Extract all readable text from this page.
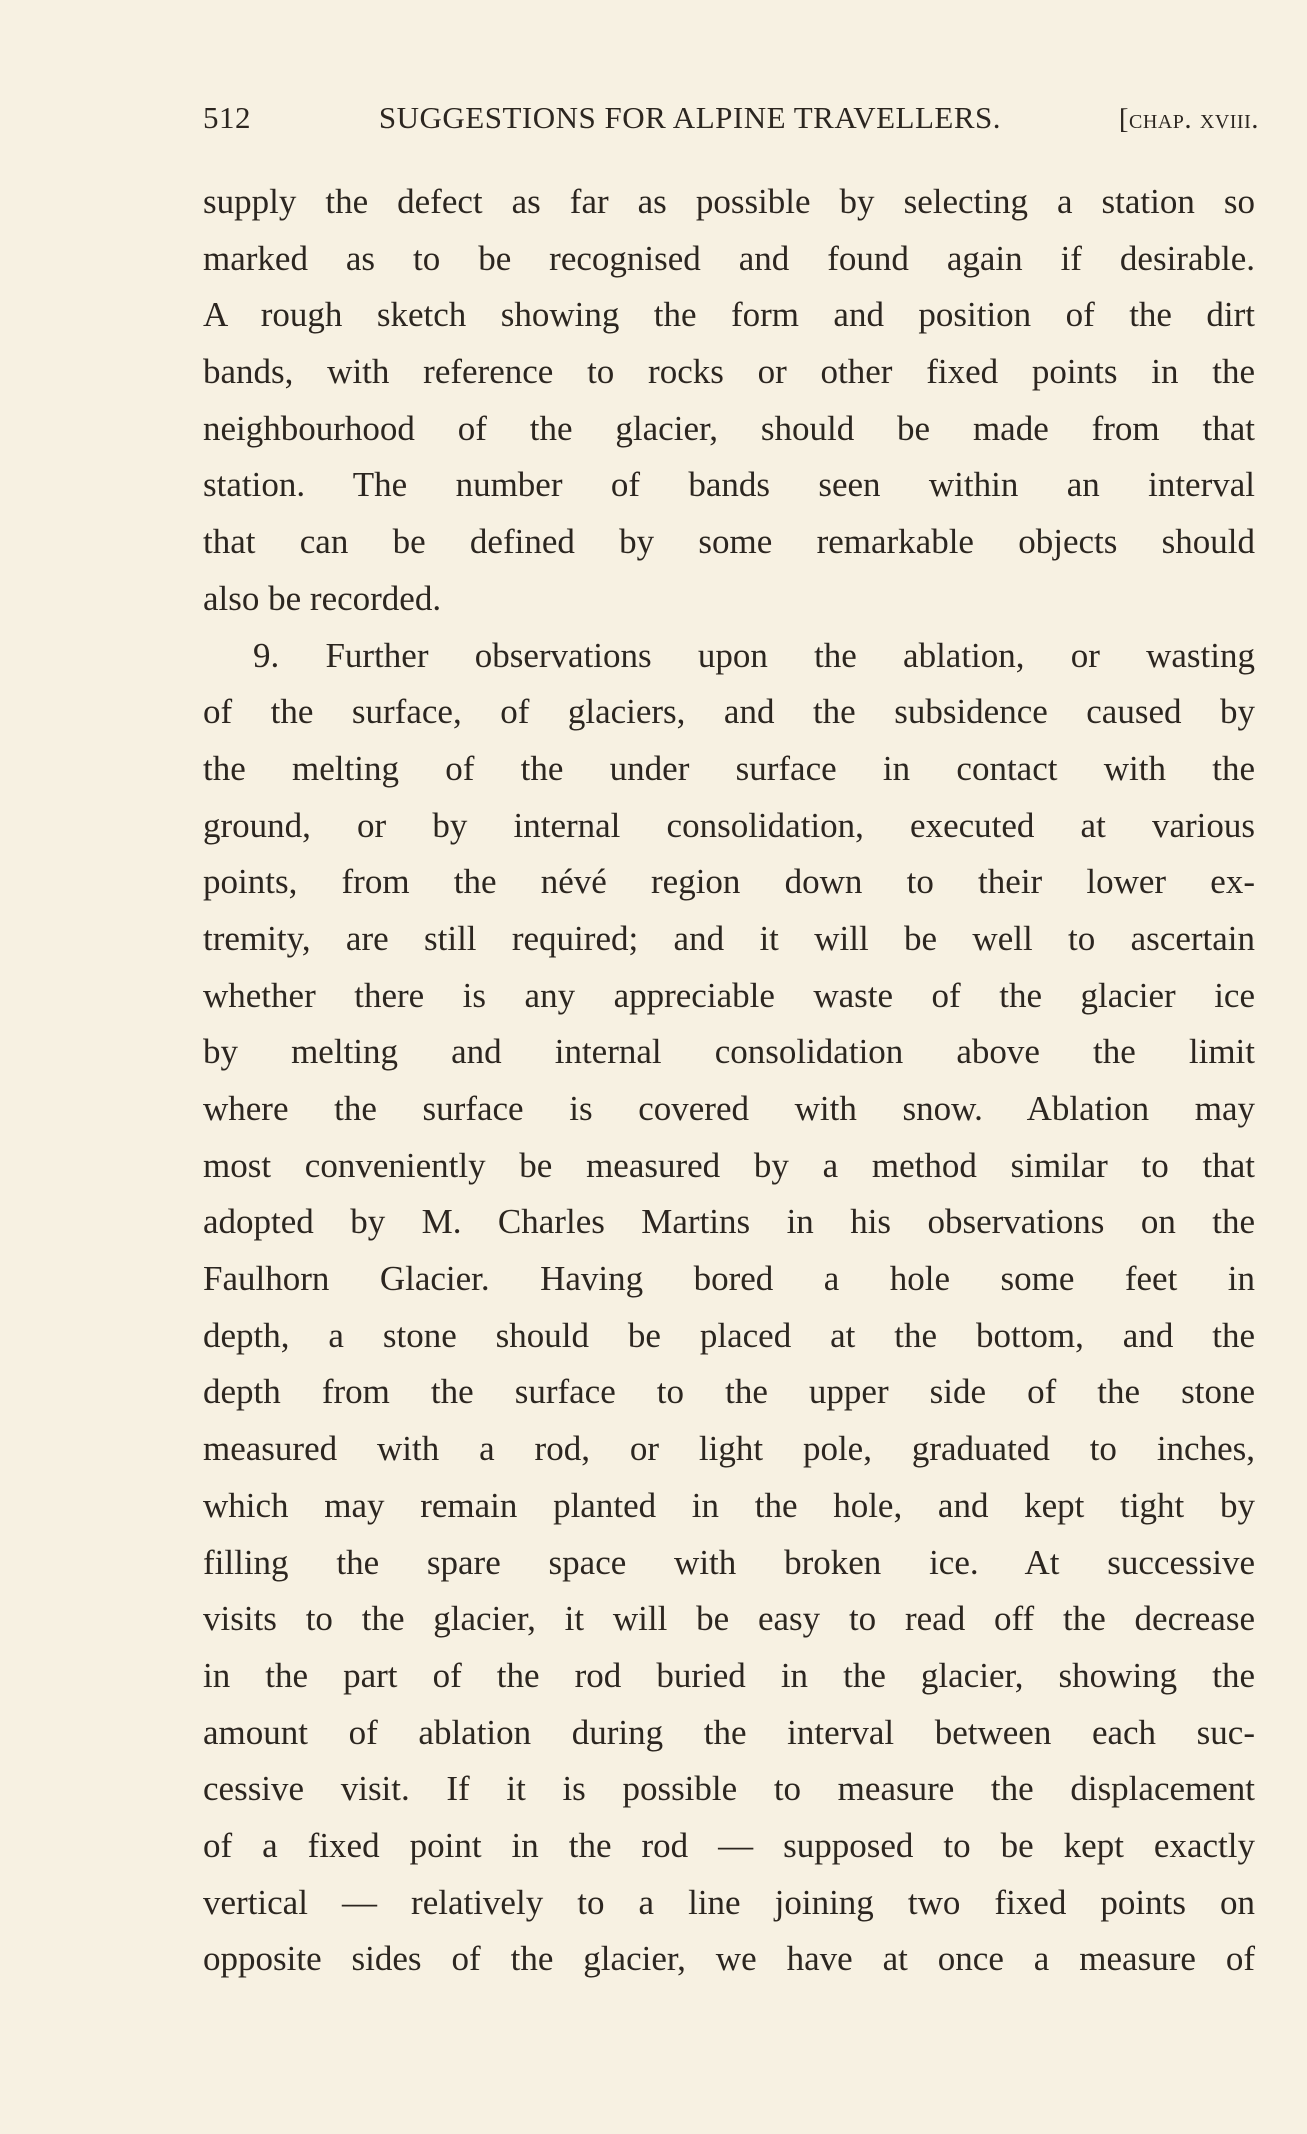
512	SUGGESTIONS FOR ALPINE TRAVELLERS.	[chap. xviii.
supply the defect as far as possible by selecting a station so
marked as to be recognised and found again if desirable.
A rough sketch showing the form and position of the dirt
bands, with reference to rocks or other fixed points in the
neighbourhood of the glacier, should be made from that
station. The number of bands seen within an interval
that can be defined by some remarkable objects should
also be recorded.
9. Further observations upon the ablation, or wasting
of the surface, of glaciers, and the subsidence caused by
the melting of the under surface in contact with the
ground, or by internal consolidation, executed at various
points, from the névé region down to their lower ex-
tremity, are still required; and it will be well to ascertain
whether there is any appreciable waste of the glacier ice
by melting and internal consolidation above the limit
where the surface is covered with snow. Ablation may
most conveniently be measured by a method similar to that
adopted by M. Charles Martins in his observations on the
Faulhorn Glacier. Having bored a hole some feet in
depth, a stone should be placed at the bottom, and the
depth from the surface to the upper side of the stone
measured with a rod, or light pole, graduated to inches,
which may remain planted in the hole, and kept tight by
filling the spare space with broken ice. At successive
visits to the glacier, it will be easy to read off the decrease
in the part of the rod buried in the glacier, showing the
amount of ablation during the interval between each suc-
cessive visit. If it is possible to measure the displacement
of a fixed point in the rod — supposed to be kept exactly
vertical — relatively to a line joining two fixed points on
opposite sides of the glacier, we have at once a measure of
